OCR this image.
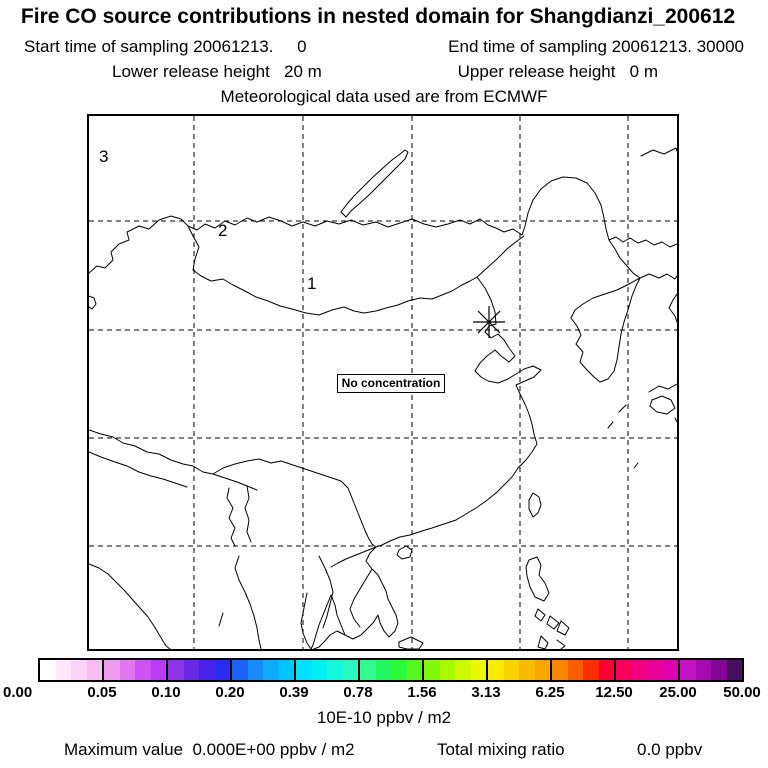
Fire CO source contributions in nested domain for Shangdianzi_200612
Start time of sampling 20061213.     0	End time of sampling 20061213. 30000
Lower release height   20 m	Upper release height   0 m
Meteorological data used are from ECMWF
3
2
1
No concentration
0.00	0.05 0.10 0.20 0.39 0.78 1.56 3.13 6.25 12.50 25.00 50.00
10E-10 ppbv / m2
Maximum value  0.000E+00 ppbv / m2	Total mixing ratio	0.0 ppbv
